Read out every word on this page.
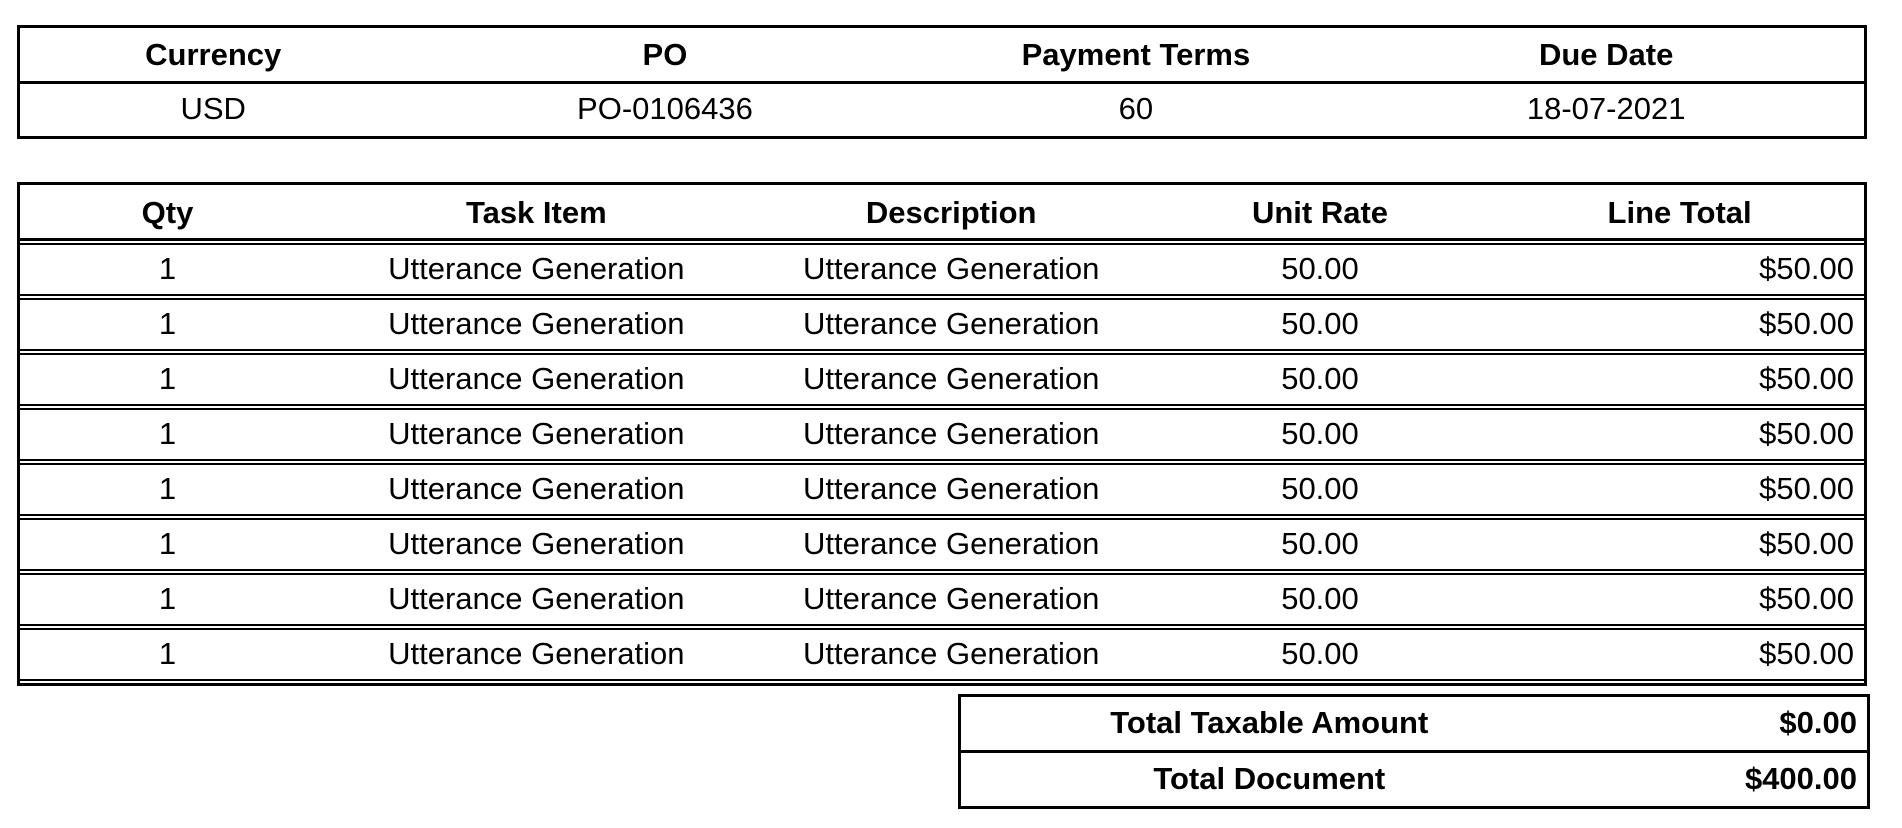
Currency	PO	Payment Terms	Due Date
USD	PO-0106436	60	18-07-2021
Qty	Task Item	Description	Unit Rate	Line Total
1	Utterance Generation	Utterance Generation	50.00	$50.00
1	Utterance Generation	Utterance Generation	50.00	$50.00
1	Utterance Generation	Utterance Generation	50.00	$50.00
1	Utterance Generation	Utterance Generation	50.00	$50.00
1	Utterance Generation	Utterance Generation	50.00	$50.00
1	Utterance Generation	Utterance Generation	50.00	$50.00
1	Utterance Generation	Utterance Generation	50.00	$50.00
1	Utterance Generation	Utterance Generation	50.00	$50.00
Total Taxable Amount	$0.00
Total Document	$400.00
